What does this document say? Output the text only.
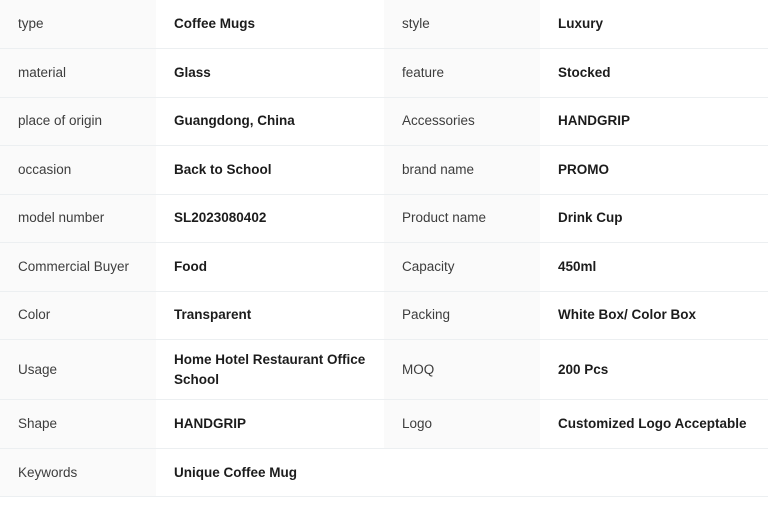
type	Coffee Mugs	style	Luxury
material	Glass	feature	Stocked
place of origin	Guangdong, China	Accessories	HANDGRIP
occasion	Back to School	brand name	PROMO
model number	SL2023080402	Product name	Drink Cup
Commercial Buyer	Food	Capacity	450ml
Color	Transparent	Packing	White Box/ Color Box
Usage	Home Hotel Restaurant Office School	MOQ	200 Pcs
Shape	HANDGRIP	Logo	Customized Logo Acceptable
Keywords	Unique Coffee Mug		
